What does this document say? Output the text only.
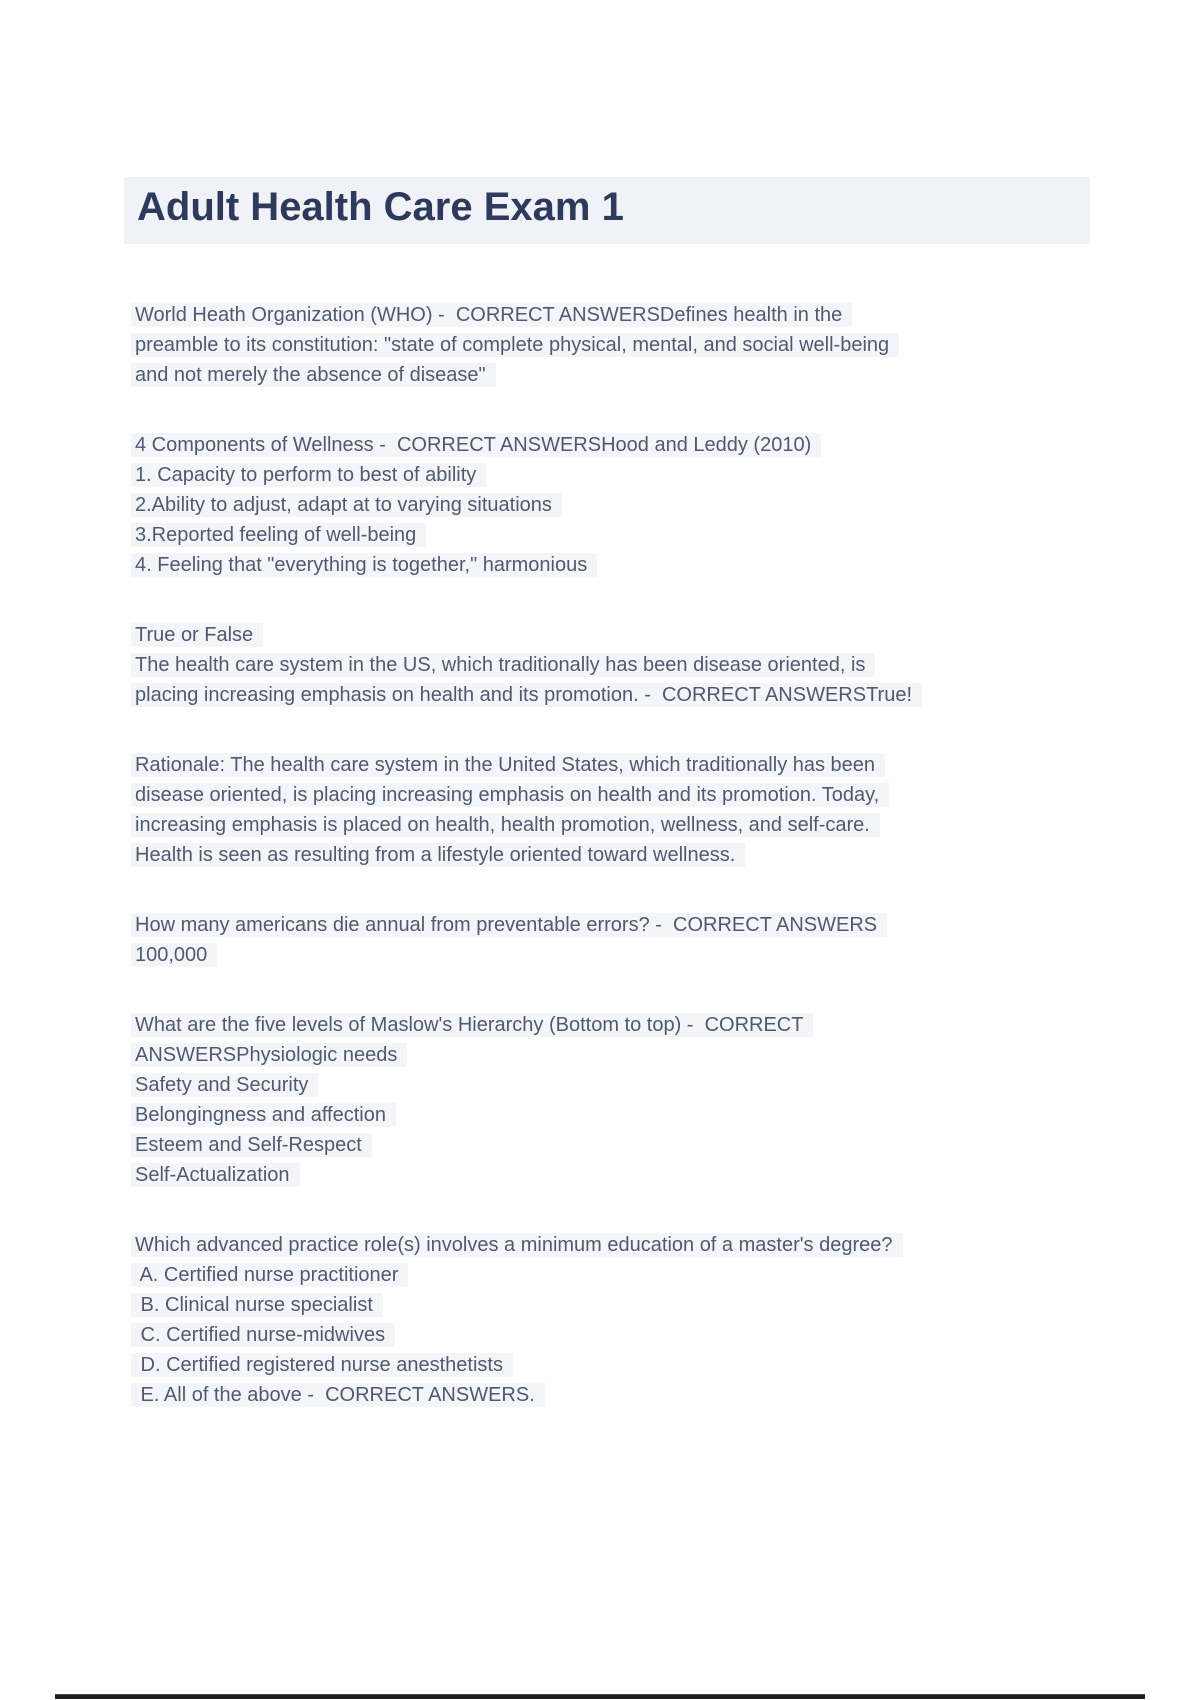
Adult Health Care Exam 1
World Heath Organization (WHO) -  CORRECT ANSWERSDefines health in the
preamble to its constitution: "state of complete physical, mental, and social well-being
and not merely the absence of disease"
4 Components of Wellness -  CORRECT ANSWERSHood and Leddy (2010)
1. Capacity to perform to best of ability
2.Ability to adjust, adapt at to varying situations
3.Reported feeling of well-being
4. Feeling that "everything is together," harmonious
True or False
The health care system in the US, which traditionally has been disease oriented, is
placing increasing emphasis on health and its promotion. -  CORRECT ANSWERSTrue!
Rationale: The health care system in the United States, which traditionally has been
disease oriented, is placing increasing emphasis on health and its promotion. Today,
increasing emphasis is placed on health, health promotion, wellness, and self-care.
Health is seen as resulting from a lifestyle oriented toward wellness.
How many americans die annual from preventable errors? -  CORRECT ANSWERS
100,000
What are the five levels of Maslow's Hierarchy (Bottom to top) -  CORRECT
ANSWERSPhysiologic needs
Safety and Security
Belongingness and affection
Esteem and Self-Respect
Self-Actualization
Which advanced practice role(s) involves a minimum education of a master's degree?
A. Certified nurse practitioner
B. Clinical nurse specialist
C. Certified nurse-midwives
D. Certified registered nurse anesthetists
E. All of the above -  CORRECT ANSWERS.
